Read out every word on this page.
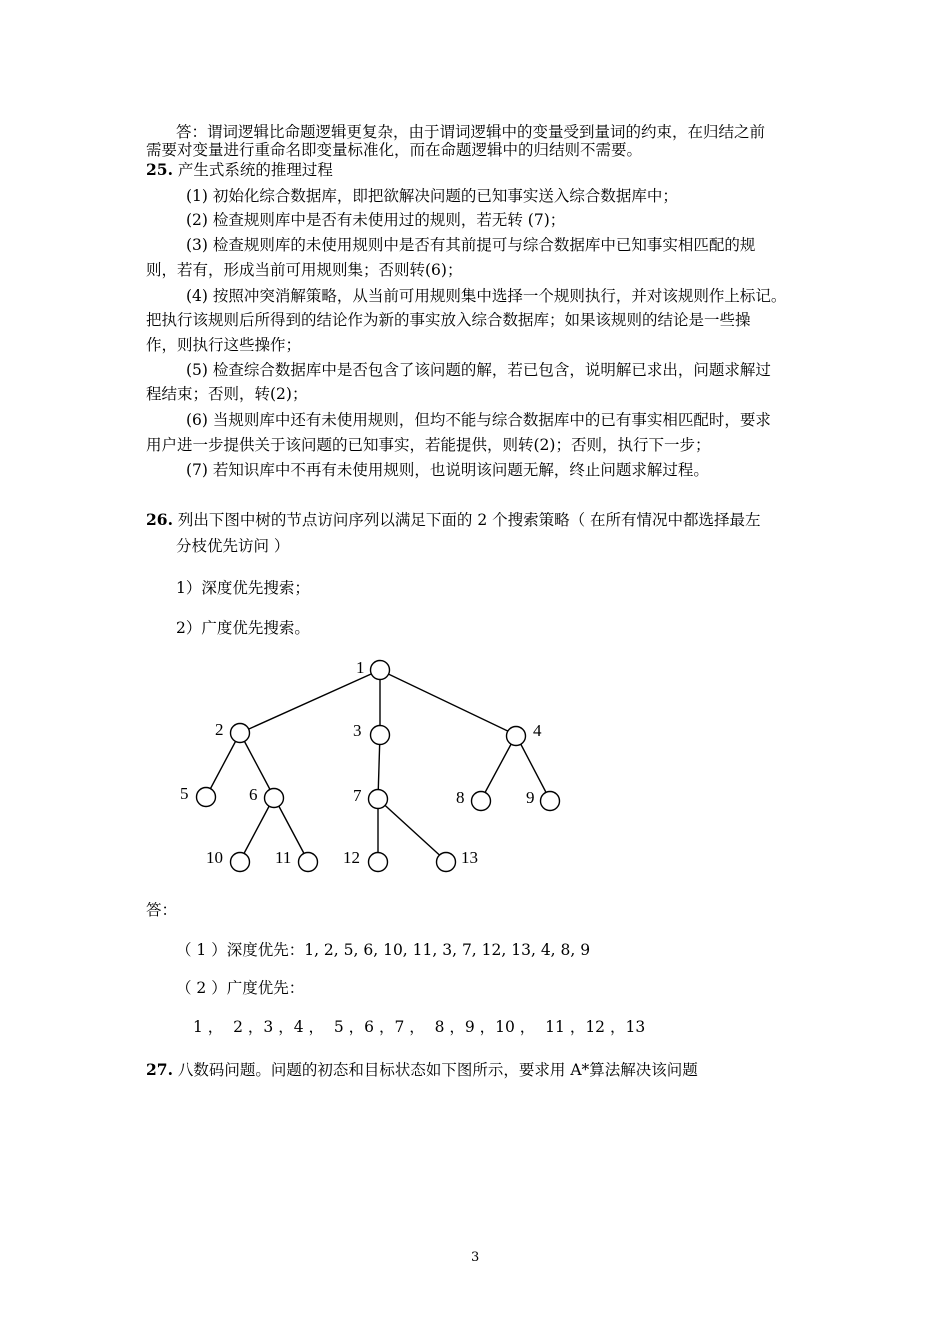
答：谓词逻辑比命题逻辑更复杂，由于谓词逻辑中的变量受到量词的约束，在归结之前
需要对变量进行重命名即变量标准化，而在命题逻辑中的归结则不需要。
25. 产生式系统的推理过程
(1) 初始化综合数据库，即把欲解决问题的已知事实送入综合数据库中；
(2) 检查规则库中是否有未使用过的规则，若无转 (7)；
(3) 检查规则库的未使用规则中是否有其前提可与综合数据库中已知事实相匹配的规
则，若有，形成当前可用规则集；否则转(6)；
(4) 按照冲突消解策略，从当前可用规则集中选择一个规则执行，并对该规则作上标记。
把执行该规则后所得到的结论作为新的事实放入综合数据库；如果该规则的结论是一些操
作，则执行这些操作；
(5) 检查综合数据库中是否包含了该问题的解，若已包含，说明解已求出，问题求解过
程结束；否则，转(2)；
(6) 当规则库中还有未使用规则，但均不能与综合数据库中的已有事实相匹配时，要求
用户进一步提供关于该问题的已知事实，若能提供，则转(2)；否则，执行下一步；
(7) 若知识库中不再有未使用规则，也说明该问题无解，终止问题求解过程。
26. 列出下图中树的节点访问序列以满足下面的 2 个搜索策略（ 在所有情况中都选择最左
分枝优先访问 ）
1）深度优先搜索；
2）广度优先搜索。
1
2	3	4
5	6	7	8	9
10	11	12	13
答：
（ 1 ）深度优先：1, 2, 5, 6, 10, 11, 3, 7, 12, 13, 4, 8, 9
（ 2 ）广度优先：
1 ，  2 ，3 ，4 ，  5 ，6 ，7 ，  8 ，9 ，10 ，  11 ，12 ，13
27. 八数码问题。问题的初态和目标状态如下图所示，要求用 A*算法解决该问题
3
